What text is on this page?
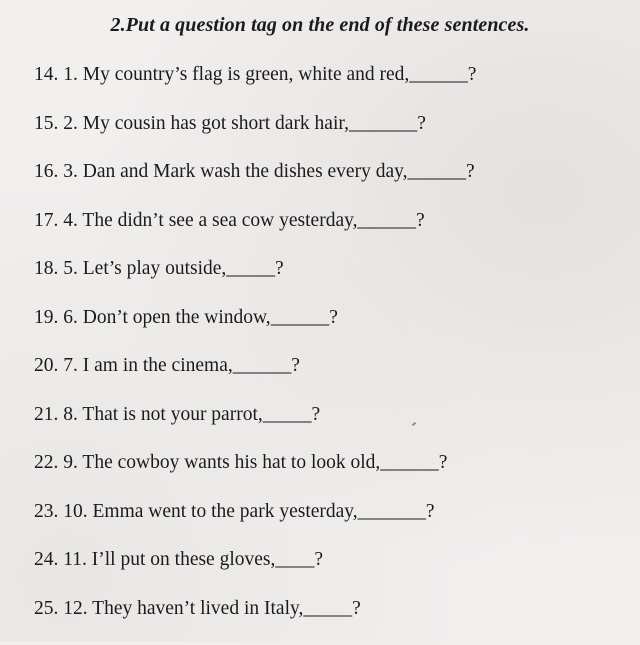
2.Put a question tag on the end of these sentences.
14. 1. My country’s flag is green, white and red,______?
15. 2. My cousin has got short dark hair,_______?
16. 3. Dan and Mark wash the dishes every day,______?
17. 4. The didn’t see a sea cow yesterday,______?
18. 5. Let’s play outside,_____?
19. 6. Don’t open the window,______?
20. 7. I am in the cinema,______?
21. 8. That is not your parrot,_____?
22. 9. The cowboy wants his hat to look old,______?
23. 10. Emma went to the park yesterday,_______?
24. 11. I’ll put on these gloves,____?
25. 12. They haven’t lived in Italy,_____?
